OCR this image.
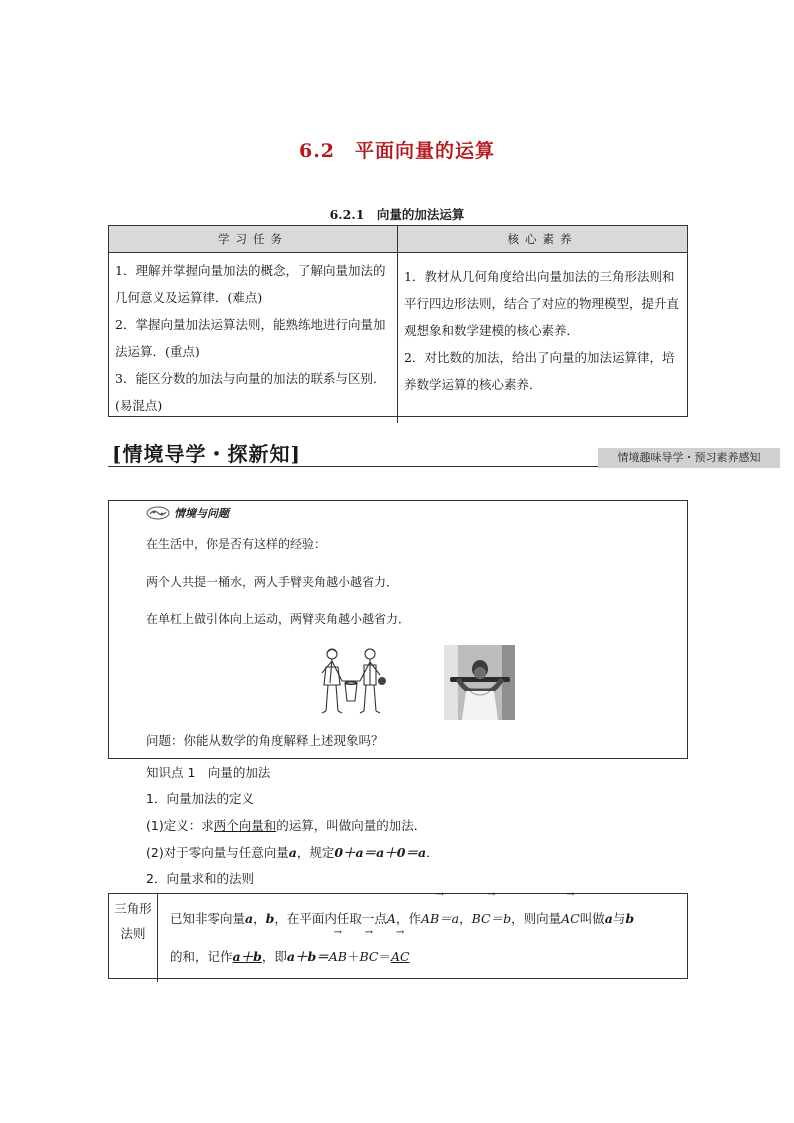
6.2　平面向量的运算
6.2.1　向量的加法运算
学习任务	核心素养

1．理解并掌握向量加法的概念，了解向量加法的几何意义及运算律．(难点)

2．掌握向量加法运算法则，能熟练地进行向量加法运算．(重点)

3．能区分数的加法与向量的加法的联系与区别．(易混点)

1．教材从几何角度给出向量加法的三角形法则和平行四边形法则，结合了对应的物理模型，提升直观想象和数学建模的核心素养．

2．对比数的加法，给出了向量的加法运算律，培养数学运算的核心素养．

[情境导学・探新知]	情境趣味导学・预习素养感知
情境与问题
在生活中，你是否有这样的经验：
两个人共提一桶水，两人手臂夹角越小越省力．
在单杠上做引体向上运动，两臂夹角越小越省力．
问题：你能从数学的角度解释上述现象吗？
知识点 1　向量的加法
1．向量加法的定义
(1)定义：求两个向量和的运算，叫做向量的加法．
(2)对于零向量与任意向量a，规定0＋a＝a＋0＝a．
2．向量求和的法则
三角形法则

已知非零向量a，b，在平面内任取一点A，作→ AB＝a，→ BC＝b，则向量→ AC叫做a与b

的和，记作a＋b，即a＋b＝→ AB＋→ BC＝→ AC
